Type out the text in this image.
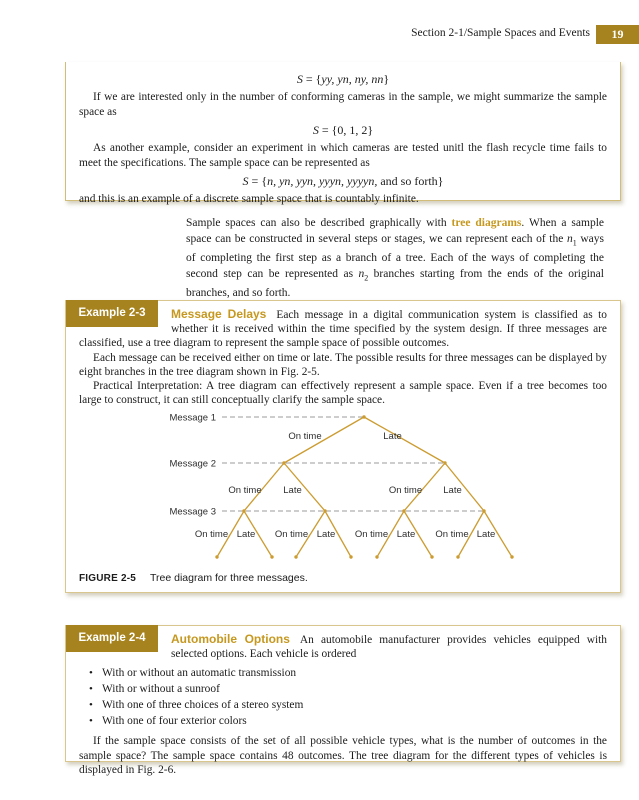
Section 2-1/Sample Spaces and Events	19
S = {yy, yn, ny, nn}

If we are interested only in the number of conforming cameras in the sample, we might summarize the sample space as

S = {0, 1, 2}

As another example, consider an experiment in which cameras are tested unitl the flash recycle time fails to meet the specifications. The sample space can be represented as

S = {n, yn, yyn, yyyn, yyyyn, and so forth}

and this is an example of a discrete sample space that is countably infinite.

Sample spaces can also be described graphically with tree diagrams. When a sample space can be constructed in several steps or stages, we can represent each of the $n_1$ ways of completing the first step as a branch of a tree. Each of the ways of completing the second step can be represented as $n_2$ branches starting from the ends of the original branches, and so forth.
Example 2-3	Message Delays Each message in a digital communication system is classified as to whether it is received within the time specified by the system design. If three messages are classified, use a tree diagram to represent the sample space of possible outcomes.

Each message can be received either on time or late. The possible results for three messages can be displayed by eight branches in the tree diagram shown in Fig. 2-5.

Practical Interpretation: A tree diagram can effectively represent a sample space. Even if a tree becomes too large to construct, it can still conceptually clarify the sample space.

Message 1
Message 2
Message 3
On time	Late
On time Late	On time Late
On time Late On time Late On time Late On time Late
FIGURE 2-5 Tree diagram for three messages.
Example 2-4	Automobile Options An automobile manufacturer provides vehicles equipped with selected options. Each vehicle is ordered

• With or without an automatic transmission
• With or without a sunroof
• With one of three choices of a stereo system
• With one of four exterior colors

If the sample space consists of the set of all possible vehicle types, what is the number of outcomes in the sample space? The sample space contains 48 outcomes. The tree diagram for the different types of vehicles is displayed in Fig. 2-6.
